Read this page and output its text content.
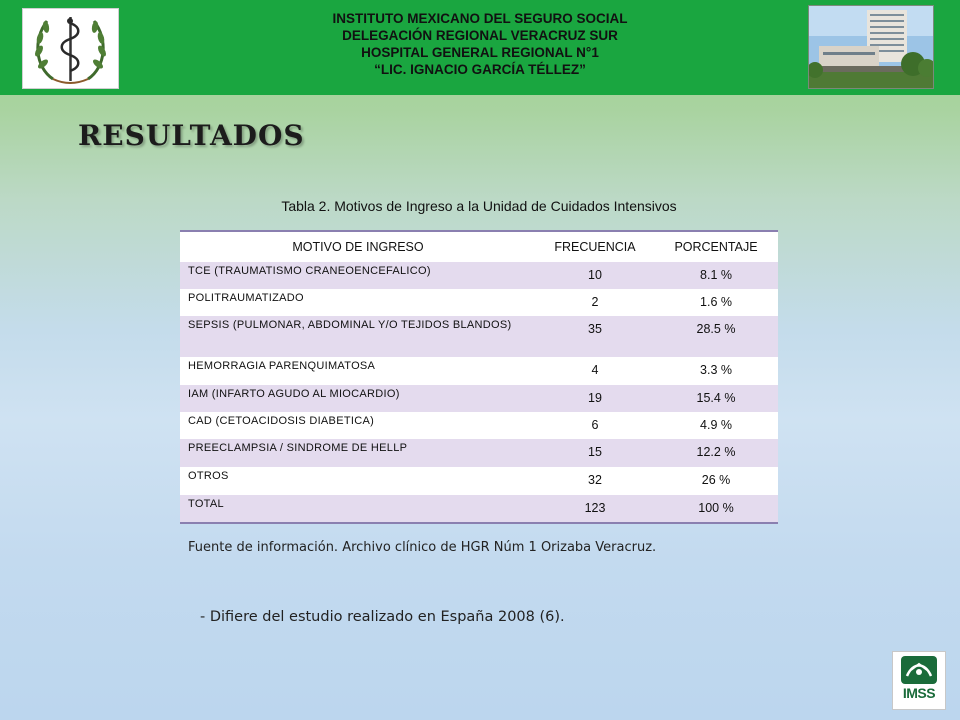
INSTITUTO MEXICANO DEL SEGURO SOCIAL
DELEGACIÓN REGIONAL VERACRUZ SUR
HOSPITAL GENERAL REGIONAL N°1
“LIC. IGNACIO GARCÍA TÉLLEZ”
resultados
Tabla 2. Motivos de Ingreso a la Unidad de Cuidados Intensivos
MOTIVO DE INGRESO	FRECUENCIA	PORCENTAJE
TCE (TRAUMATISMO CRANEOENCEFALICO)	10	8.1 %
POLITRAUMATIZADO	2	1.6 %
SEPSIS (PULMONAR, ABDOMINAL Y/O TEJIDOS BLANDOS)	35	28.5 %
HEMORRAGIA PARENQUIMATOSA	4	3.3 %
IAM (INFARTO AGUDO AL MIOCARDIO)	19	15.4 %
CAD (CETOACIDOSIS DIABETICA)	6	4.9 %
PREECLAMPSIA / SINDROME DE HELLP	15	12.2 %
OTROS	32	26 %
TOTAL	123	100 %
Fuente de información. Archivo clínico de HGR Núm 1 Orizaba Veracruz.
- Difiere del estudio realizado en España 2008 (6).
IMSS
